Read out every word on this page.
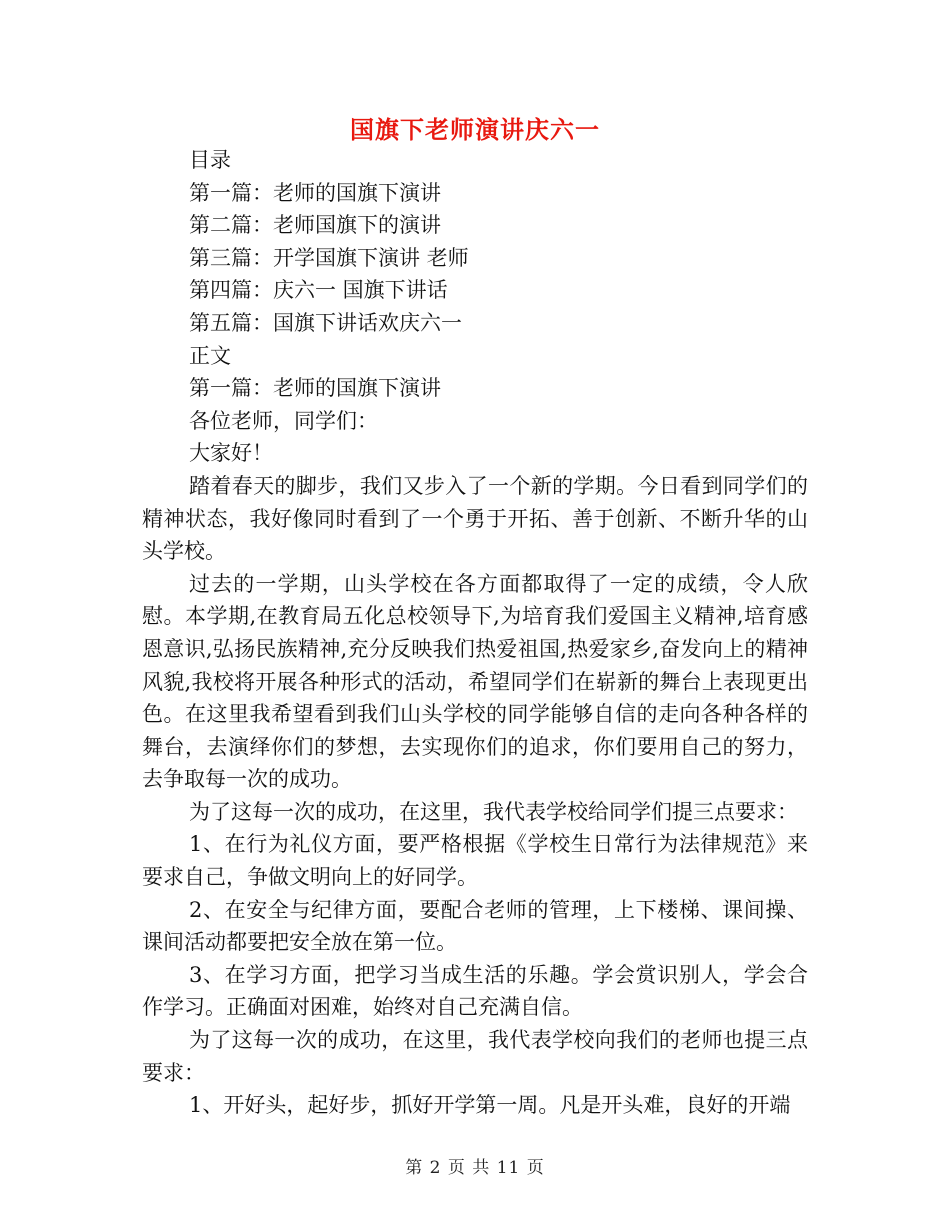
国旗下老师演讲庆六一

目录

第一篇：老师的国旗下演讲

第二篇：老师国旗下的演讲

第三篇：开学国旗下演讲 老师

第四篇：庆六一 国旗下讲话

第五篇：国旗下讲话欢庆六一

正文

第一篇：老师的国旗下演讲

各位老师，同学们：

大家好！

踏着春天的脚步，我们又步入了一个新的学期。今日看到同学们的精神状态，我好像同时看到了一个勇于开拓、善于创新、不断升华的山头学校。

过去的一学期，山头学校在各方面都取得了一定的成绩，令人欣慰。本学期,在教育局五化总校领导下,为培育我们爱国主义精神,培育感恩意识,弘扬民族精神,充分反映我们热爱祖国,热爱家乡,奋发向上的精神风貌,我校将开展各种形式的活动，希望同学们在崭新的舞台上表现更出色。在这里我希望看到我们山头学校的同学能够自信的走向各种各样的舞台，去演绎你们的梦想，去实现你们的追求，你们要用自己的努力，去争取每一次的成功。

为了这每一次的成功，在这里，我代表学校给同学们提三点要求：

1、在行为礼仪方面，要严格根据《学校生日常行为法律规范》来要求自己，争做文明向上的好同学。

2、在安全与纪律方面，要配合老师的管理，上下楼梯、课间操、课间活动都要把安全放在第一位。

3、在学习方面，把学习当成生活的乐趣。学会赏识别人，学会合作学习。正确面对困难，始终对自己充满自信。

为了这每一次的成功，在这里，我代表学校向我们的老师也提三点要求：

1、开好头，起好步，抓好开学第一周。凡是开头难，良好的开端

第 2 页 共 11 页
